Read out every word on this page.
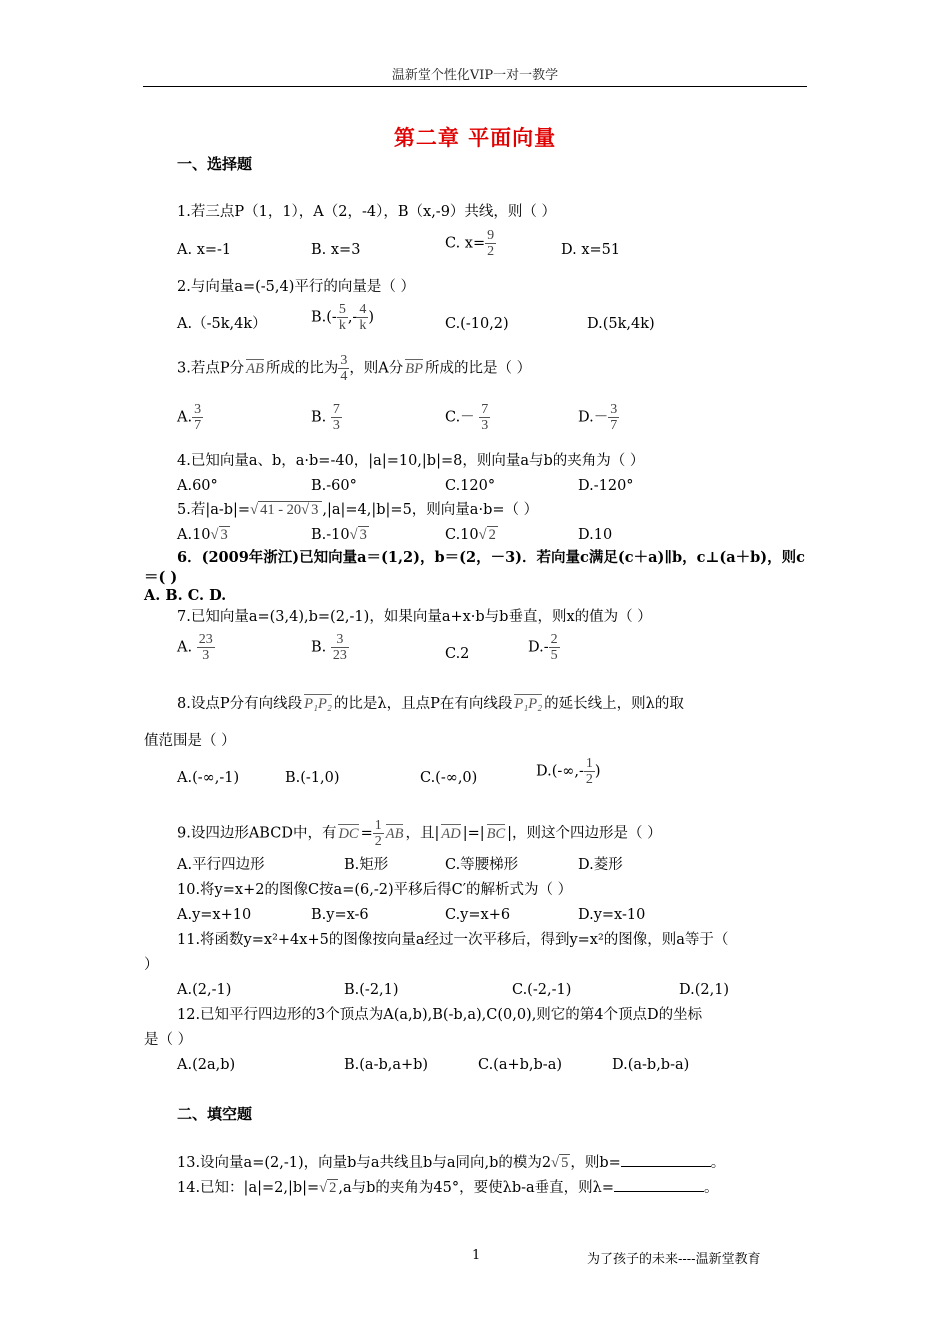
温新堂个性化VIP一对一教学
第二章 平面向量
一、选择题
1.若三点P（1，1），A（2，-4），B（x,-9）共线，则（ ）
A. x=-1	B. x=3	C. $x= \frac{9}{2}$	D. x=51
2.与向量a=(-5,4)平行的向量是（ ）
A.（-5k,4k）	$B.(- \frac{5}{k}$ ,- $\frac{4}{k}$ )	C.(-10,2)	D.(5k,4k)
3.若点P分 AB 所成的比为 $\frac{3}{4}$ ，则A分 BP 所成的比是（ ）
A. $\frac{3}{7}$	B. $\frac{7}{3}$	$C.- \frac{7}{3}$	$D.- \frac{3}{7}$
4.已知向量a、b，a·b=-40，|a|=10,|b|=8，则向量a与b的夹角为（ ）
A.60°	B.-60°	C.120°	D.-120°
5.若|a-b|=√ 41 - 20√ 3 ,|a|=4,|b|=5，则向量a·b=（ ）
A.10√ 3	B.-10√ 3	C.10√ 2	D.10
6．(2009年浙江)已知向量a＝(1,2)，b＝(2，－3)．若向量c满足(c＋a)∥b，c⊥(a＋b)，则c
＝( )
A. B. C. D.
7.已知向量a=(3,4),b=(2,-1)，如果向量a+x·b与b垂直，则x的值为（ ）
A. $\frac{23}{3}$	B. $\frac{3}{23}$	C.2	$D.- \frac{2}{5}$
8.设点P分有向线段 P₁P₂ 的比是λ，且点P在有向线段 P₁P₂ 的延长线上，则λ的取
值范围是（ ）
A.(-∞,-1)	B.(-1,0)	C.(-∞,0)	$D.(-\infty,- \frac{1}{2}$ )
9.设四边形ABCD中，有 DC = $\frac{1}{2}$ AB ，且| AD |=| BC |，则这个四边形是（ ）
A.平行四边形	B.矩形	C.等腰梯形	D.菱形
10.将y=x+2的图像C按a=(6,-2)平移后得C′的解析式为（ ）
A.y=x+10	B.y=x-6	C.y=x+6	D.y=x-10
11.将函数y=x²+4x+5的图像按向量a经过一次平移后，得到y=x²的图像，则a等于（
）
A.(2,-1)	B.(-2,1)	C.(-2,-1)	D.(2,1)
12.已知平行四边形的3个顶点为A(a,b),B(-b,a),C(0,0),则它的第4个顶点D的坐标
是（ ）
A.(2a,b)	B.(a-b,a+b)	C.(a+b,b-a)	D.(a-b,b-a)
二、填空题
13.设向量a=(2,-1)，向量b与a共线且b与a同向,b的模为2√ 5 ，则b=	。
14.已知：|a|=2,|b|=√ 2 ,a与b的夹角为45°，要使λb-a垂直，则λ=	。
1	为了孩子的未来----温新堂教育
